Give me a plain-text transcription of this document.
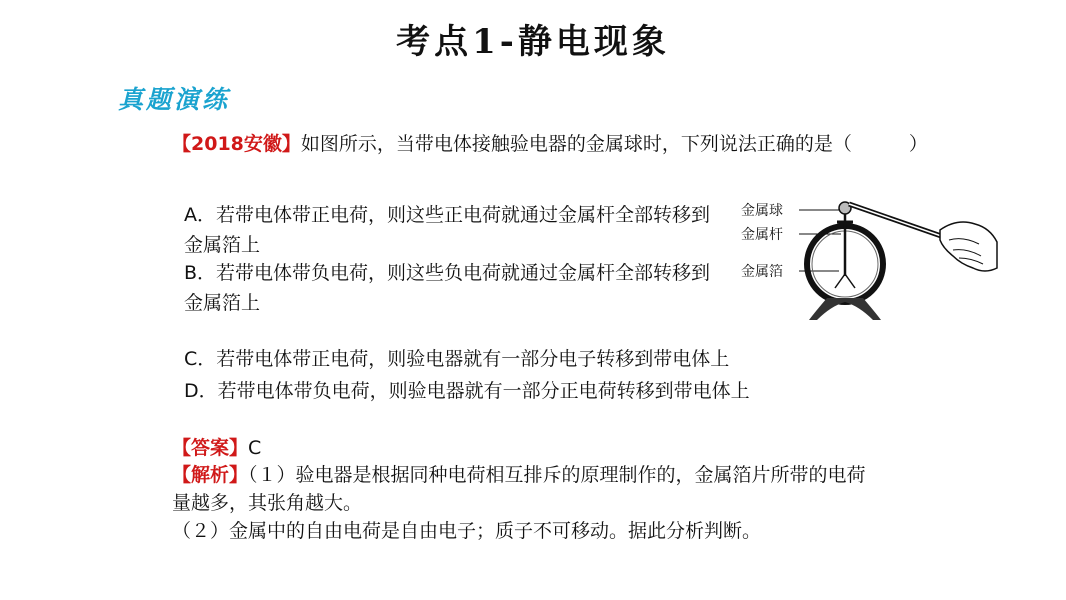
考点1-静电现象
真题演练
【2018安徽】如图所示，当带电体接触验电器的金属球时，下列说法正确的是（　　　）
A．若带电体带正电荷，则这些正电荷就通过金属杆全部转移到金属箔上
B．若带电体带负电荷，则这些负电荷就通过金属杆全部转移到金属箔上
C．若带电体带正电荷，则验电器就有一部分电子转移到带电体上
D．若带电体带负电荷，则验电器就有一部分正电荷转移到带电体上
【答案】C
【解析】（１）验电器是根据同种电荷相互排斥的原理制作的，金属箔片所带的电荷量越多，其张角越大。
（２）金属中的自由电荷是自由电子；质子不可移动。据此分析判断。
金属球
金属杆
金属箔
